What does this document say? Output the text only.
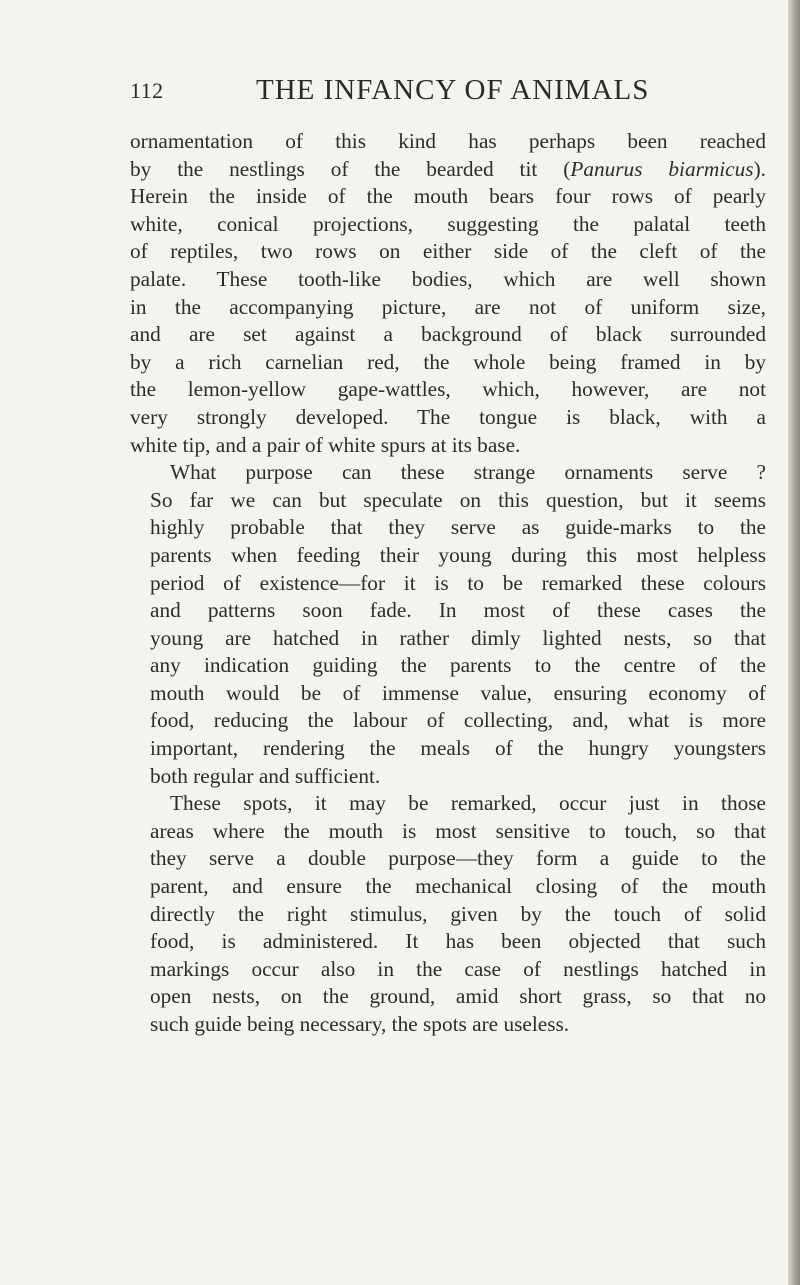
112	THE INFANCY OF ANIMALS

ornamentation of this kind has perhaps been reached
by the nestlings of the bearded tit (Panurus biarmicus).
Herein the inside of the mouth bears four rows of pearly
white, conical projections, suggesting the palatal teeth
of reptiles, two rows on either side of the cleft of the
palate. These tooth-like bodies, which are well shown
in the accompanying picture, are not of uniform size,
and are set against a background of black surrounded
by a rich carnelian red, the whole being framed in by
the lemon-yellow gape-wattles, which, however, are not
very strongly developed. The tongue is black, with a
white tip, and a pair of white spurs at its base.

What purpose can these strange ornaments serve ?
So far we can but speculate on this question, but it seems
highly probable that they serve as guide-marks to the
parents when feeding their young during this most helpless
period of existence—for it is to be remarked these colours
and patterns soon fade. In most of these cases the
young are hatched in rather dimly lighted nests, so that
any indication guiding the parents to the centre of the
mouth would be of immense value, ensuring economy of
food, reducing the labour of collecting, and, what is more
important, rendering the meals of the hungry youngsters
both regular and sufficient.

These spots, it may be remarked, occur just in those
areas where the mouth is most sensitive to touch, so that
they serve a double purpose—they form a guide to the
parent, and ensure the mechanical closing of the mouth
directly the right stimulus, given by the touch of solid
food, is administered. It has been objected that such
markings occur also in the case of nestlings hatched in
open nests, on the ground, amid short grass, so that no
such guide being necessary, the spots are useless.
